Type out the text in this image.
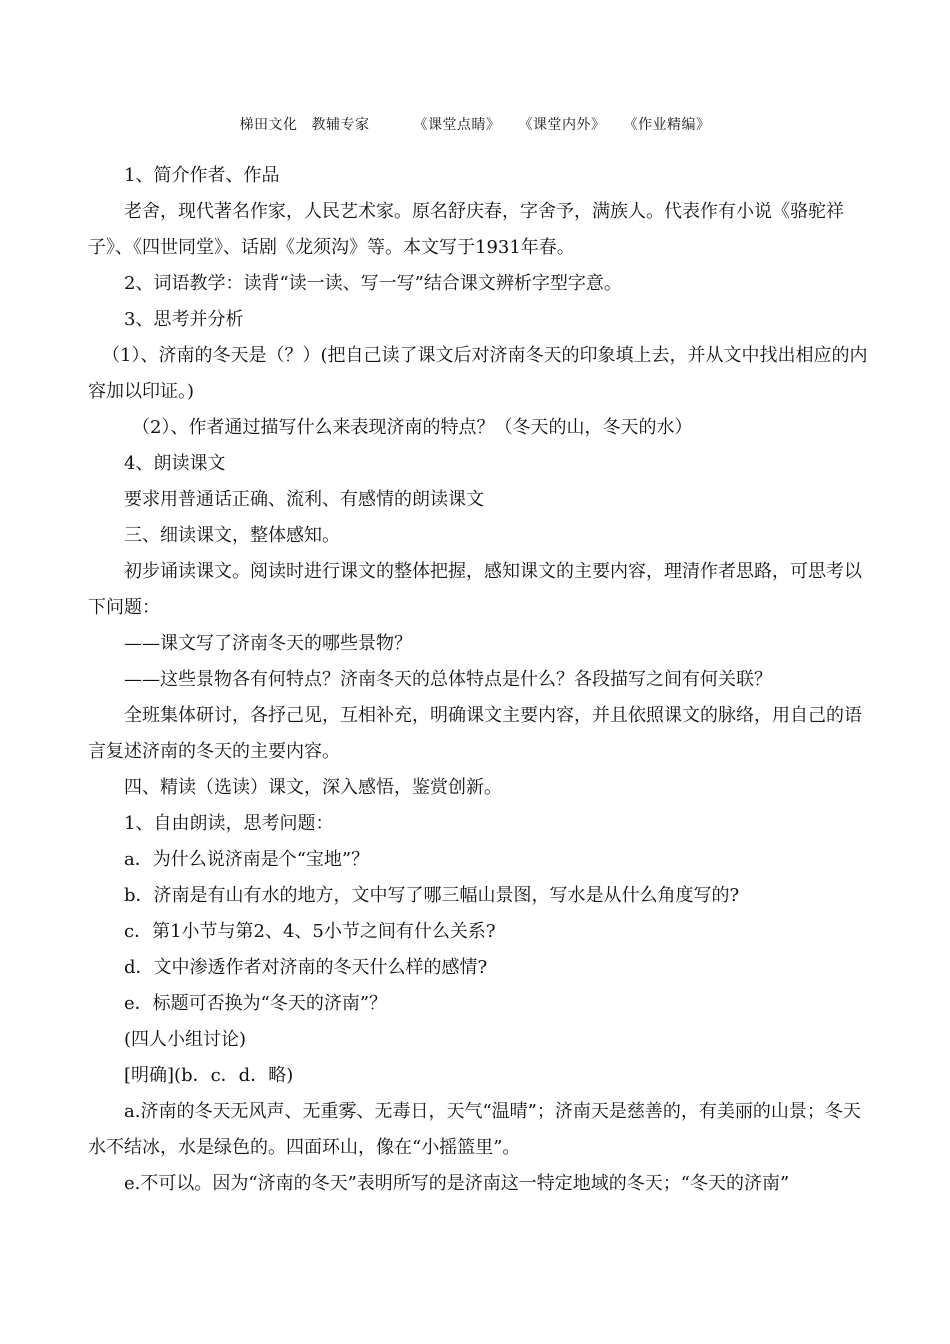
梯田文化 教辅专家	《课堂点睛》 《课堂内外》 《作业精编》

1、简介作者、作品

老舍，现代著名作家，人民艺术家。原名舒庆春，字舍予，满族人。代表作有小说《骆驼祥子》、《四世同堂》、话剧《龙须沟》等。本文写于1931年春。

2、词语教学：读背“读一读、写一写”结合课文辨析字型字意。

3、思考并分析

（1）、济南的冬天是（？）(把自己读了课文后对济南冬天的印象填上去，并从文中找出相应的内容加以印证。)

（2）、作者通过描写什么来表现济南的特点？（冬天的山，冬天的水）

4、朗读课文

要求用普通话正确、流利、有感情的朗读课文

三、细读课文，整体感知。

初步诵读课文。阅读时进行课文的整体把握，感知课文的主要内容，理清作者思路，可思考以下问题：

——课文写了济南冬天的哪些景物？

——这些景物各有何特点？济南冬天的总体特点是什么？各段描写之间有何关联？

全班集体研讨，各抒己见，互相补充，明确课文主要内容，并且依照课文的脉络，用自己的语言复述济南的冬天的主要内容。

四、精读（选读）课文，深入感悟，鉴赏创新。

1、自由朗读，思考问题：

a．为什么说济南是个“宝地”？

b．济南是有山有水的地方，文中写了哪三幅山景图，写水是从什么角度写的?

c．第1小节与第2、4、5小节之间有什么关系?

d．文中渗透作者对济南的冬天什么样的感情?

e．标题可否换为“冬天的济南”？

(四人小组讨论)

[明确](b．c．d．略)

a.济南的冬天无风声、无重雾、无毒日，天气“温晴”；济南天是慈善的，有美丽的山景；冬天水不结冰，水是绿色的。四面环山，像在“小摇篮里”。

e.不可以。因为“济南的冬天”表明所写的是济南这一特定地域的冬天；“冬天的济南”
